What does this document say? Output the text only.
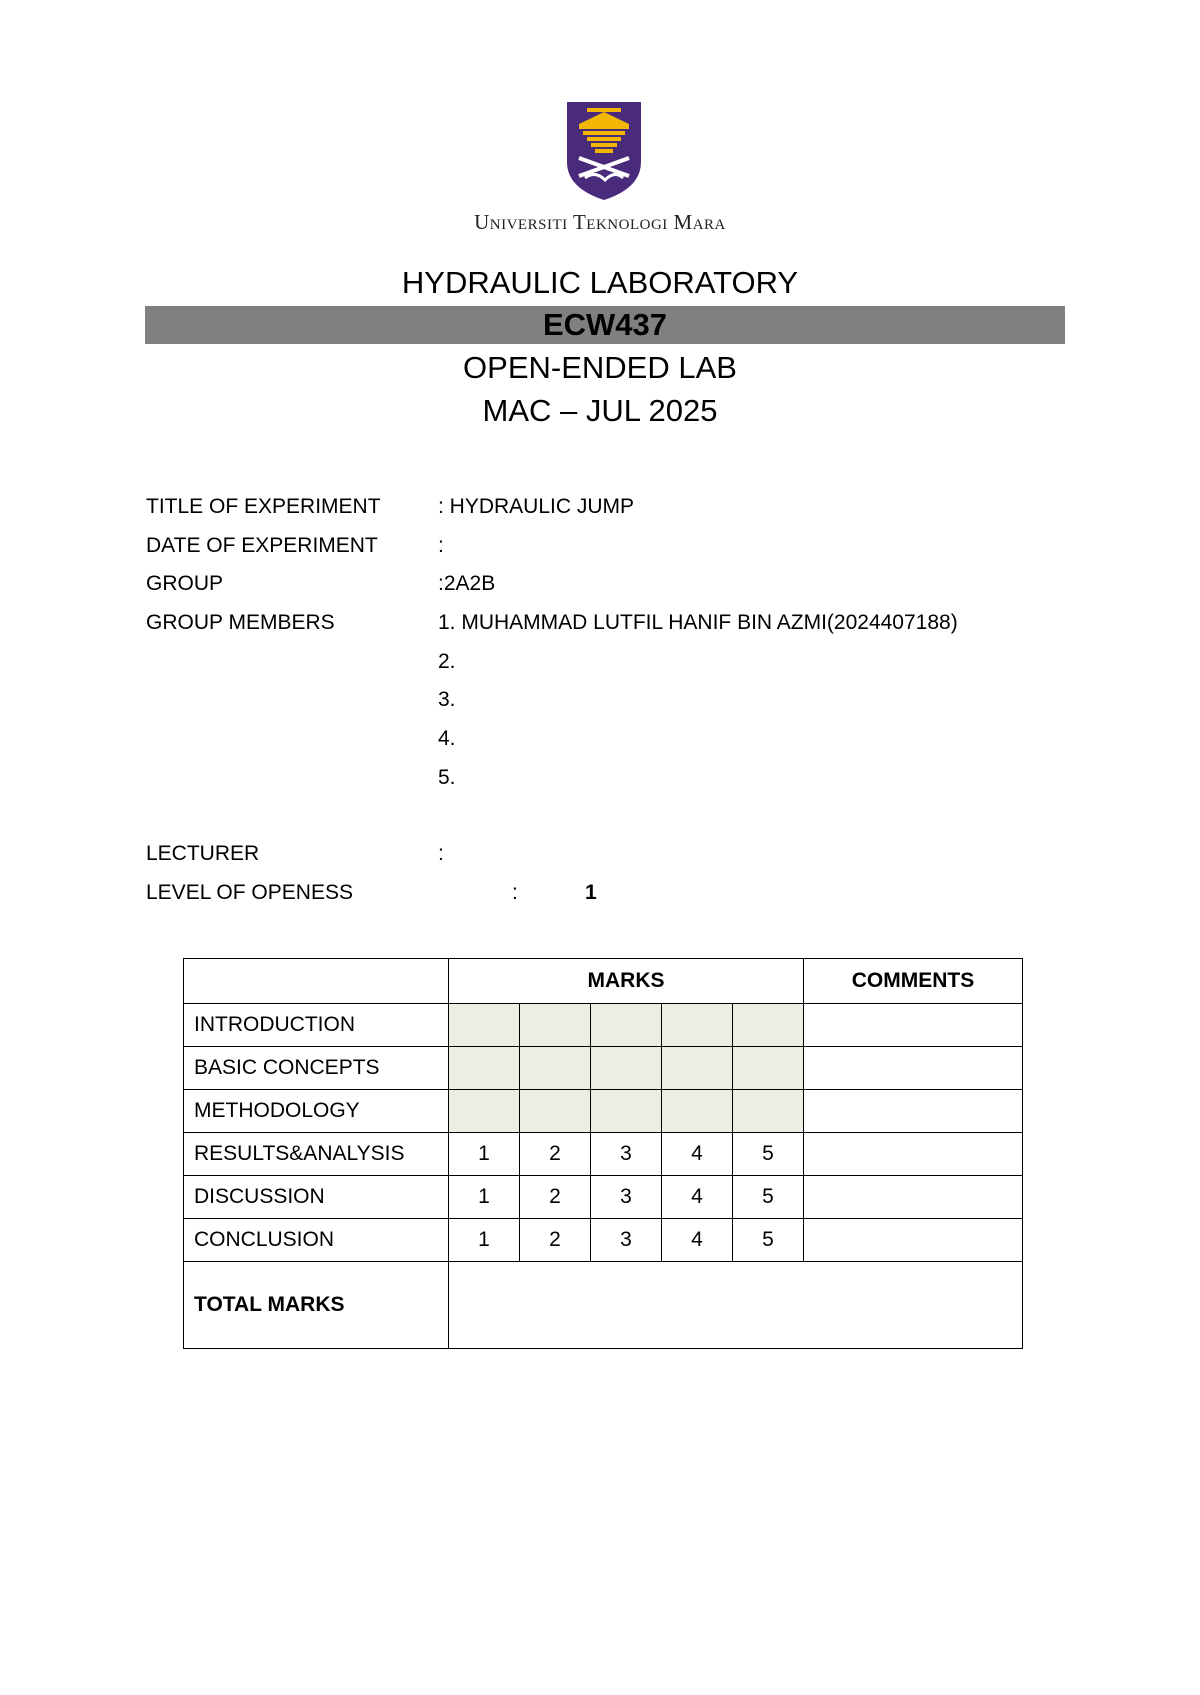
Universiti Teknologi Mara
HYDRAULIC LABORATORY
ECW437
OPEN-ENDED LAB
MAC – JUL 2025
TITLE OF EXPERIMENT	: HYDRAULIC JUMP
DATE OF EXPERIMENT	:
GROUP	:2A2B
GROUP MEMBERS	1. MUHAMMAD LUTFIL HANIF BIN AZMI(2024407188)
2.
3.
4.
5.
LECTURER	:
LEVEL OF OPENESS	:	1
	MARKS					COMMENTS
INTRODUCTION						
BASIC CONCEPTS						
METHODOLOGY						
RESULTS&ANALYSIS	1	2	3	4	5	
DISCUSSION	1	2	3	4	5	
CONCLUSION	1	2	3	4	5	
TOTAL MARKS						
